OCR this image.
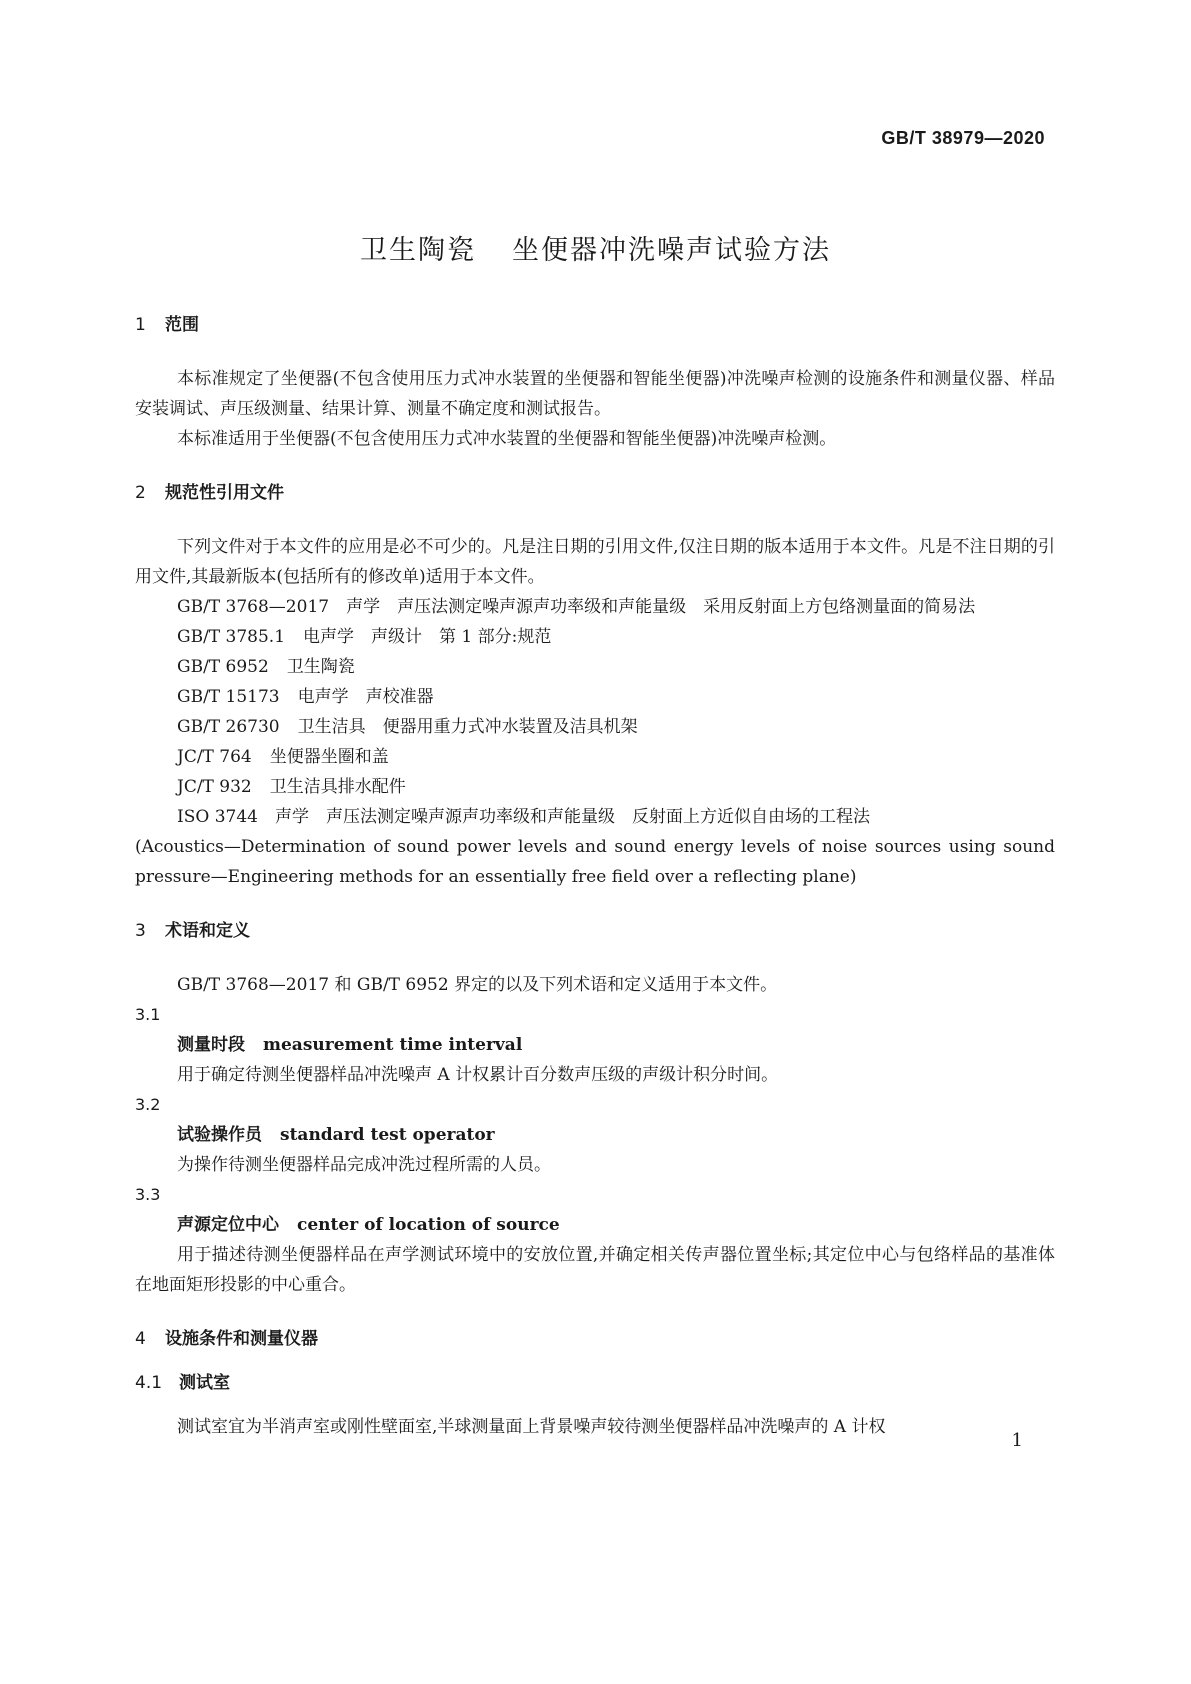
GB/T 38979—2020
卫生陶瓷 坐便器冲洗噪声试验方法
1 范围

本标准规定了坐便器(不包含使用压力式冲水装置的坐便器和智能坐便器)冲洗噪声检测的设施条件和测量仪器、样品安装调试、声压级测量、结果计算、测量不确定度和测试报告。

本标准适用于坐便器(不包含使用压力式冲水装置的坐便器和智能坐便器)冲洗噪声检测。

2 规范性引用文件

下列文件对于本文件的应用是必不可少的。凡是注日期的引用文件,仅注日期的版本适用于本文件。凡是不注日期的引用文件,其最新版本(包括所有的修改单)适用于本文件。

GB/T 3768—2017　声学　声压法测定噪声源声功率级和声能量级　采用反射面上方包络测量面的简易法

GB/T 3785.1 电声学　声级计　第 1 部分:规范

GB/T 6952 卫生陶瓷

GB/T 15173 电声学　声校准器

GB/T 26730 卫生洁具　便器用重力式冲水装置及洁具机架

JC/T 764 坐便器坐圈和盖

JC/T 932 卫生洁具排水配件

ISO 3744　声学　声压法测定噪声源声功率级和声能量级　反射面上方近似自由场的工程法

(Acoustics—Determination of sound power levels and sound energy levels of noise sources using sound pressure—Engineering methods for an essentially free field over a reflecting plane)

3 术语和定义

GB/T 3768—2017 和 GB/T 6952 界定的以及下列术语和定义适用于本文件。

3.1
测量时段 measurement time interval

用于确定待测坐便器样品冲洗噪声 A 计权累计百分数声压级的声级计积分时间。

3.2
试验操作员 standard test operator

为操作待测坐便器样品完成冲洗过程所需的人员。

3.3
声源定位中心 center of location of source

用于描述待测坐便器样品在声学测试环境中的安放位置,并确定相关传声器位置坐标;其定位中心与包络样品的基准体在地面矩形投影的中心重合。

4 设施条件和测量仪器
4.1 测试室

测试室宜为半消声室或刚性壁面室,半球测量面上背景噪声较待测坐便器样品冲洗噪声的 A 计权

1
